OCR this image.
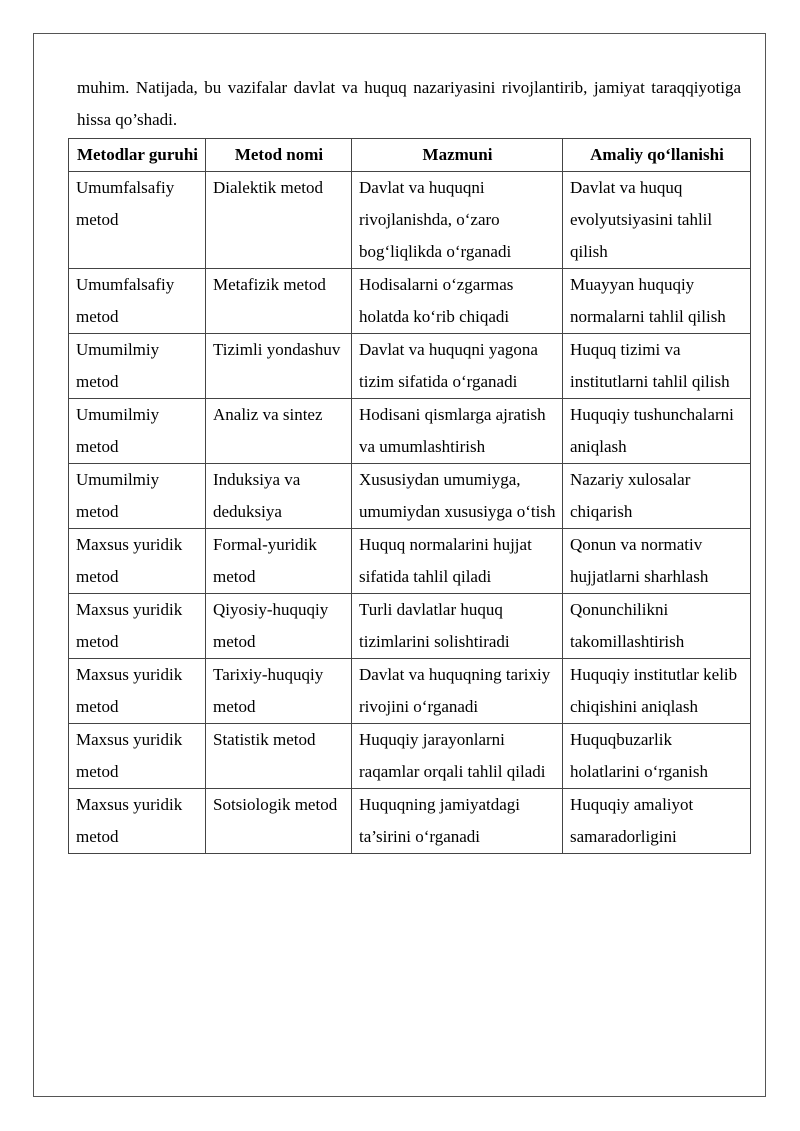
muhim. Natijada, bu vazifalar davlat va huquq nazariyasini rivojlantirib, jamiyat taraqqiyotiga hissa qo’shadi.

Metodlar guruhi	Metod nomi	Mazmuni	Amaliy qo‘llanishi
Umumfalsafiy metod	Dialektik metod	Davlat va huquqni rivojlanishda, o‘zaro bog‘liqlikda o‘rganadi	Davlat va huquq evolyutsiyasini tahlil qilish
Umumfalsafiy metod	Metafizik metod	Hodisalarni o‘zgarmas holatda ko‘rib chiqadi	Muayyan huquqiy normalarni tahlil qilish
Umumilmiy metod	Tizimli yondashuv	Davlat va huquqni yagona tizim sifatida o‘rganadi	Huquq tizimi va institutlarni tahlil qilish
Umumilmiy metod	Analiz va sintez	Hodisani qismlarga ajratish va umumlashtirish	Huquqiy tushunchalarni aniqlash
Umumilmiy metod	Induksiya va deduksiya	Xususiydan umumiyga, umumiydan xususiyga o‘tish	Nazariy xulosalar chiqarish
Maxsus yuridik metod	Formal-yuridik metod	Huquq normalarini hujjat sifatida tahlil qiladi	Qonun va normativ hujjatlarni sharhlash
Maxsus yuridik metod	Qiyosiy-huquqiy metod	Turli davlatlar huquq tizimlarini solishtiradi	Qonunchilikni takomillashtirish
Maxsus yuridik metod	Tarixiy-huquqiy metod	Davlat va huquqning tarixiy rivojini o‘rganadi	Huquqiy institutlar kelib chiqishini aniqlash
Maxsus yuridik metod	Statistik metod	Huquqiy jarayonlarni raqamlar orqali tahlil qiladi	Huquqbuzarlik holatlarini o‘rganish
Maxsus yuridik metod	Sotsiologik metod	Huquqning jamiyatdagi ta’sirini o‘rganadi	Huquqiy amaliyot samaradorligini
